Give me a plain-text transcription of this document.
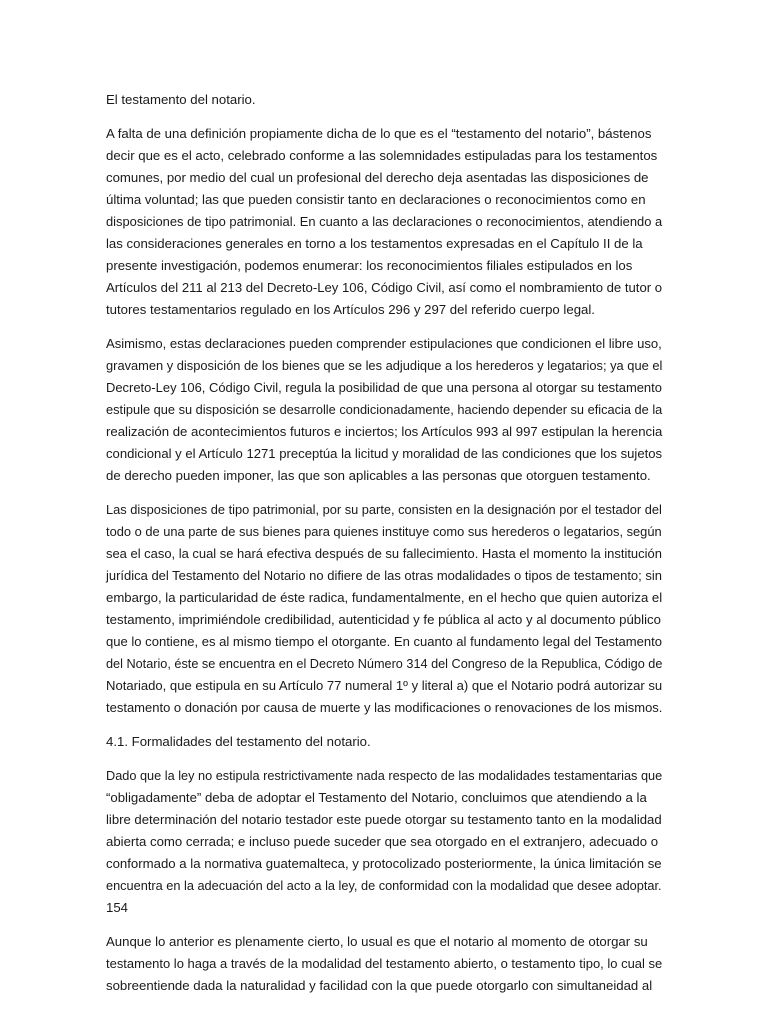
El testamento del notario.
A falta de una definición propiamente dicha de lo que es el “testamento del notario”, bástenos
decir que es el acto, celebrado conforme a las solemnidades estipuladas para los testamentos
comunes, por medio del cual un profesional del derecho deja asentadas las disposiciones de
última voluntad; las que pueden consistir tanto en declaraciones o reconocimientos como en
disposiciones de tipo patrimonial. En cuanto a las declaraciones o reconocimientos, atendiendo a
las consideraciones generales en torno a los testamentos expresadas en el Capítulo II de la
presente investigación, podemos enumerar: los reconocimientos filiales estipulados en los
Artículos del 211 al 213 del Decreto-Ley 106, Código Civil, así como el nombramiento de tutor o
tutores testamentarios regulado en los Artículos 296 y 297 del referido cuerpo legal.
Asimismo, estas declaraciones pueden comprender estipulaciones que condicionen el libre uso,
gravamen y disposición de los bienes que se les adjudique a los herederos y legatarios; ya que el
Decreto-Ley 106, Código Civil, regula la posibilidad de que una persona al otorgar su testamento
estipule que su disposición se desarrolle condicionadamente, haciendo depender su eficacia de la
realización de acontecimientos futuros e inciertos; los Artículos 993 al 997 estipulan la herencia
condicional y el Artículo 1271 preceptúa la licitud y moralidad de las condiciones que los sujetos
de derecho pueden imponer, las que son aplicables a las personas que otorguen testamento.
Las disposiciones de tipo patrimonial, por su parte, consisten en la designación por el testador del
todo o de una parte de sus bienes para quienes instituye como sus herederos o legatarios, según
sea el caso, la cual se hará efectiva después de su fallecimiento. Hasta el momento la institución
jurídica del Testamento del Notario no difiere de las otras modalidades o tipos de testamento; sin
embargo, la particularidad de éste radica, fundamentalmente, en el hecho que quien autoriza el
testamento, imprimiéndole credibilidad, autenticidad y fe pública al acto y al documento público
que lo contiene, es al mismo tiempo el otorgante. En cuanto al fundamento legal del Testamento
del Notario, éste se encuentra en el Decreto Número 314 del Congreso de la Republica, Código de
Notariado, que estipula en su Artículo 77 numeral 1º y literal a) que el Notario podrá autorizar su
testamento o donación por causa de muerte y las modificaciones o renovaciones de los mismos.
4.1. Formalidades del testamento del notario.
Dado que la ley no estipula restrictivamente nada respecto de las modalidades testamentarias que
“obligadamente” deba de adoptar el Testamento del Notario, concluimos que atendiendo a la
libre determinación del notario testador este puede otorgar su testamento tanto en la modalidad
abierta como cerrada; e incluso puede suceder que sea otorgado en el extranjero, adecuado o
conformado a la normativa guatemalteca, y protocolizado posteriormente, la única limitación se
encuentra en la adecuación del acto a la ley, de conformidad con la modalidad que desee adoptar.
154
Aunque lo anterior es plenamente cierto, lo usual es que el notario al momento de otorgar su
testamento lo haga a través de la modalidad del testamento abierto, o testamento tipo, lo cual se
sobreentiende dada la naturalidad y facilidad con la que puede otorgarlo con simultaneidad al
